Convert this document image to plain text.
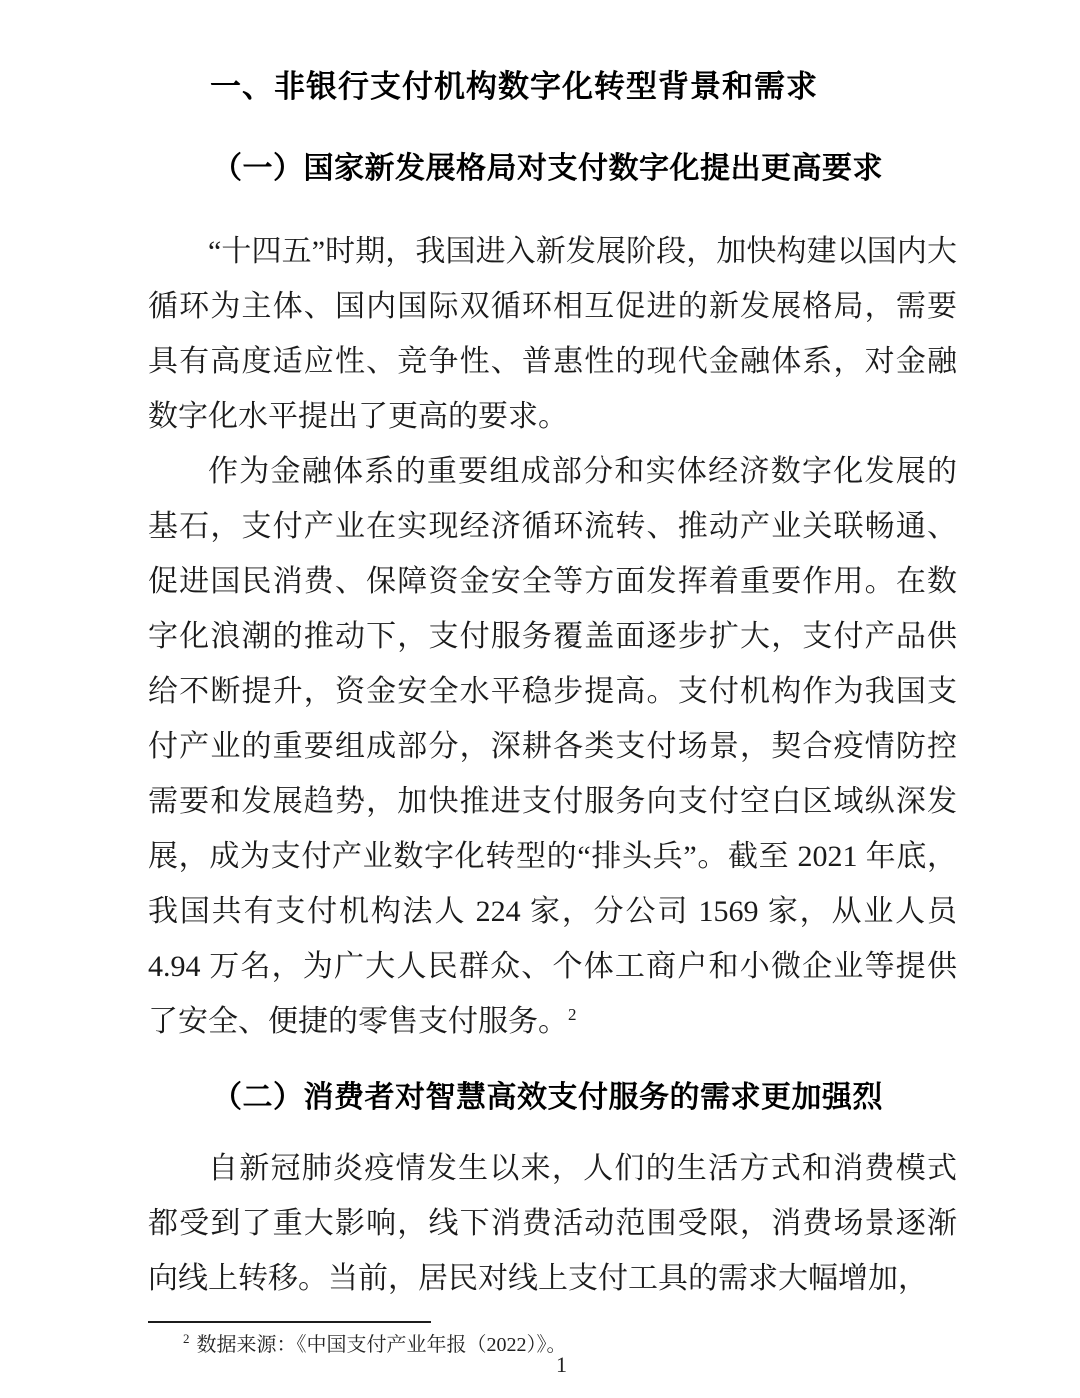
一、非银行支付机构数字化转型背景和需求
（一）国家新发展格局对支付数字化提出更高要求

“十四五”时期，我国进入新发展阶段，加快构建以国内大循环为主体、国内国际双循环相互促进的新发展格局，需要具有高度适应性、竞争性、普惠性的现代金融体系，对金融数字化水平提出了更高的要求。

作为金融体系的重要组成部分和实体经济数字化发展的基石，支付产业在实现经济循环流转、推动产业关联畅通、促进国民消费、保障资金安全等方面发挥着重要作用。在数字化浪潮的推动下，支付服务覆盖面逐步扩大，支付产品供给不断提升，资金安全水平稳步提高。支付机构作为我国支付产业的重要组成部分，深耕各类支付场景，契合疫情防控需要和发展趋势，加快推进支付服务向支付空白区域纵深发展，成为支付产业数字化转型的“排头兵”。截至 2021 年底，我国共有支付机构法人 224 家，分公司 1569 家，从业人员 4.94 万名，为广大人民群众、个体工商户和小微企业等提供了安全、便捷的零售支付服务。$^2$

（二）消费者对智慧高效支付服务的需求更加强烈

自新冠肺炎疫情发生以来，人们的生活方式和消费模式都受到了重大影响，线下消费活动范围受限，消费场景逐渐向线上转移。当前，居民对线上支付工具的需求大幅增加，

$^2$ 数据来源：《中国支付产业年报（2022）》。
1
